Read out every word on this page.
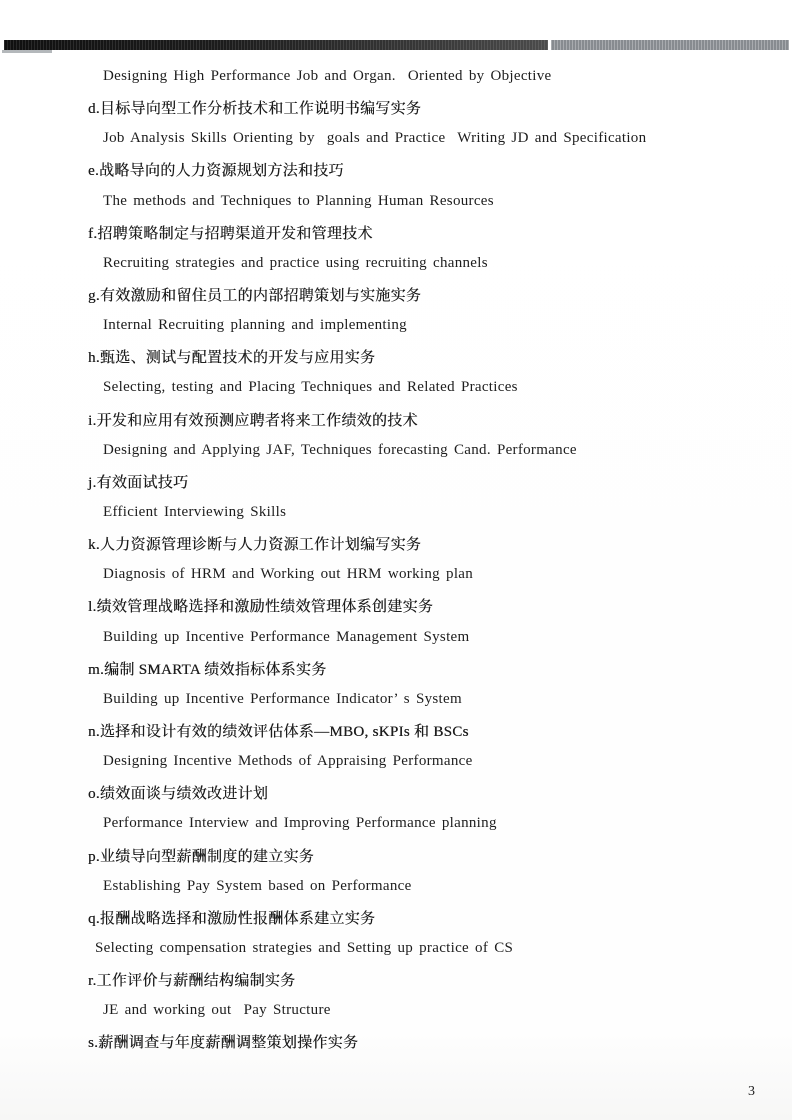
Designing High Performance Job and Organ.  Oriented by Objective
d.目标导向型工作分析技术和工作说明书编写实务
Job Analysis Skills Orienting by  goals and Practice  Writing JD and Specification
e.战略导向的人力资源规划方法和技巧
The methods and Techniques to Planning Human Resources
f.招聘策略制定与招聘渠道开发和管理技术
Recruiting strategies and practice using recruiting channels
g.有效激励和留住员工的内部招聘策划与实施实务
Internal Recruiting planning and implementing
h.甄选、测试与配置技术的开发与应用实务
Selecting, testing and Placing Techniques and Related Practices
i.开发和应用有效预测应聘者将来工作绩效的技术
Designing and Applying JAF, Techniques forecasting Cand. Performance
j.有效面试技巧
Efficient Interviewing Skills
k.人力资源管理诊断与人力资源工作计划编写实务
Diagnosis of HRM and Working out HRM working plan
l.绩效管理战略选择和激励性绩效管理体系创建实务
Building up Incentive Performance Management System
m.编制 SMARTA 绩效指标体系实务
Building up Incentive Performance Indicator’ s System
n.选择和设计有效的绩效评估体系—MBO, sKPIs 和 BSCs
Designing Incentive Methods of Appraising Performance
o.绩效面谈与绩效改进计划
Performance Interview and Improving Performance planning
p.业绩导向型薪酬制度的建立实务
Establishing Pay System based on Performance
q.报酬战略选择和激励性报酬体系建立实务
Selecting compensation strategies and Setting up practice of CS
r.工作评价与薪酬结构编制实务
JE and working out  Pay Structure
s.薪酬调查与年度薪酬调整策划操作实务
3
